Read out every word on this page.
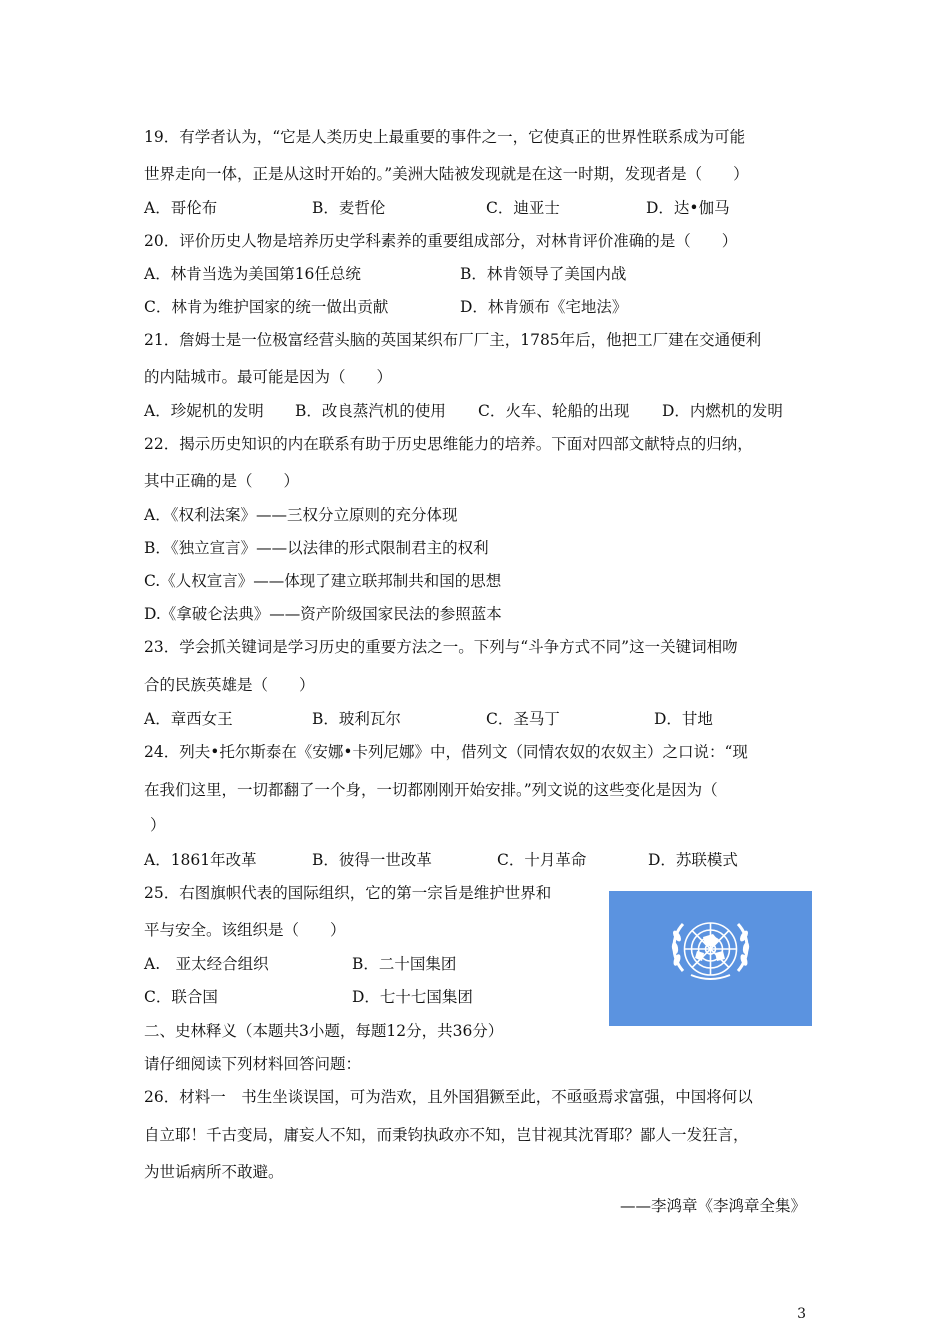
19．有学者认为，“它是人类历史上最重要的事件之一，它使真正的世界性联系成为可能
世界走向一体，正是从这时开始的。”美洲大陆被发现就是在这一时期，发现者是（　　）
A．哥伦布	B．麦哲伦	C．迪亚士	D．达•伽马
20．评价历史人物是培养历史学科素养的重要组成部分，对林肯评价准确的是（　　）
A．林肯当选为美国第16任总统	B．林肯领导了美国内战
C．林肯为维护国家的统一做出贡献	D．林肯颁布《宅地法》
21．詹姆士是一位极富经营头脑的英国某织布厂厂主，1785年后，他把工厂建在交通便利
的内陆城市。最可能是因为（　　）
A．珍妮机的发明 B．改良蒸汽机的使用 C．火车、轮船的出现 D．内燃机的发明
22．揭示历史知识的内在联系有助于历史思维能力的培养。下面对四部文献特点的归纳，
其中正确的是（　　）
A．《权利法案》——三权分立原则的充分体现
B．《独立宣言》——以法律的形式限制君主的权利
C.《人权宣言》——体现了建立联邦制共和国的思想
D.《拿破仑法典》——资产阶级国家民法的参照蓝本
23．学会抓关键词是学习历史的重要方法之一。下列与“斗争方式不同”这一关键词相吻
合的民族英雄是（　　）
A．章西女王	B．玻利瓦尔	C．圣马丁	D．甘地
24．列夫•托尔斯泰在《安娜•卡列尼娜》中，借列文（同情农奴的农奴主）之口说：“现
在我们这里，一切都翻了一个身，一切都刚刚开始安排。”列文说的这些变化是因为（
）
A．1861年改革	B．彼得一世改革	C．十月革命	D．苏联模式
25．右图旗帜代表的国际组织，它的第一宗旨是维护世界和
平与安全。该组织是（　　）
A.　亚太经合组织	B．二十国集团
C．联合国	D．七十七国集团
二、史林释义（本题共3小题，每题12分，共36分）
请仔细阅读下列材料回答问题：
26．材料一　书生坐谈误国，可为浩欢，且外国猖獗至此，不亟亟焉求富强，中国将何以
自立耶！千古变局，庸妄人不知，而秉钧执政亦不知，岂甘视其沈胥耶？鄙人一发狂言，
为世诟病所不敢避。
——李鸿章《李鸿章全集》
3
